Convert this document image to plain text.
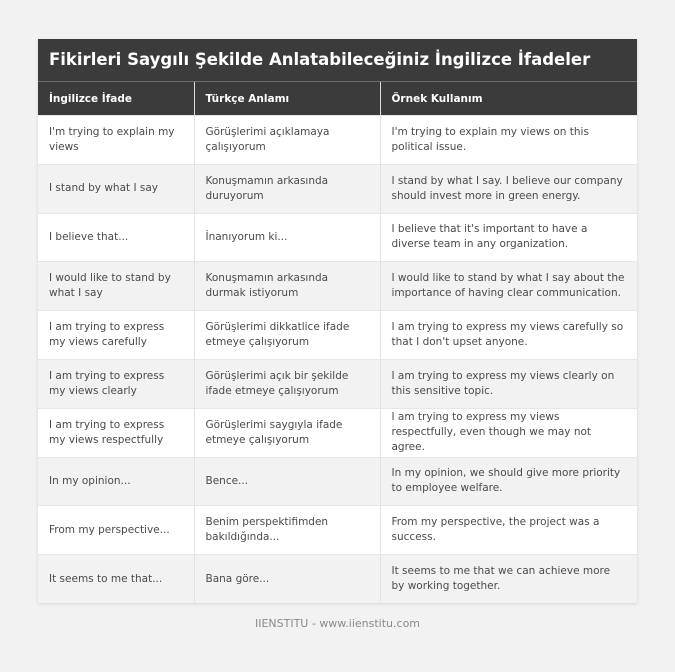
Fikirleri Saygılı Şekilde Anlatabileceğiniz İngilizce İfadeler
İngilizce İfade	Türkçe Anlamı	Örnek Kullanım
I'm trying to explain my views	Görüşlerimi açıklamaya çalışıyorum	I'm trying to explain my views on this political issue.
I stand by what I say	Konuşmamın arkasında duruyorum	I stand by what I say. I believe our company should invest more in green energy.
I believe that...	İnanıyorum ki...	I believe that it's important to have a diverse team in any organization.
I would like to stand by what I say	Konuşmamın arkasında durmak istiyorum	I would like to stand by what I say about the importance of having clear communication.
I am trying to express my views carefully	Görüşlerimi dikkatlice ifade etmeye çalışıyorum	I am trying to express my views carefully so that I don't upset anyone.
I am trying to express my views clearly	Görüşlerimi açık bir şekilde ifade etmeye çalışıyorum	I am trying to express my views clearly on this sensitive topic.
I am trying to express my views respectfully	Görüşlerimi saygıyla ifade etmeye çalışıyorum	I am trying to express my views respectfully, even though we may not agree.
In my opinion...	Bence...	In my opinion, we should give more priority to employee welfare.
From my perspective...	Benim perspektifimden bakıldığında...	From my perspective, the project was a success.
It seems to me that...	Bana göre...	It seems to me that we can achieve more by working together.
IIENSTITU - www.iienstitu.com
